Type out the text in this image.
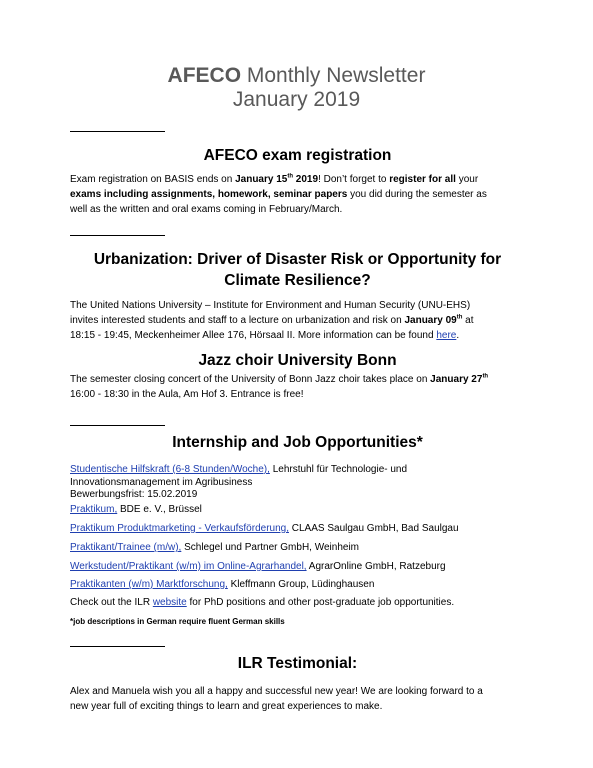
AFECO Monthly Newsletter
January 2019
AFECO exam registration
Exam registration on BASIS ends on January 15th 2019! Don’t forget to register for all your
exams including assignments, homework, seminar papers you did during the semester as
well as the written and oral exams coming in February/March.
Urbanization: Driver of Disaster Risk or Opportunity for
Climate Resilience?
The United Nations University – Institute for Environment and Human Security (UNU-EHS)
invites interested students and staff to a lecture on urbanization and risk on January 09th at
18:15 - 19:45, Meckenheimer Allee 176, Hörsaal II. More information can be found here.
Jazz choir University Bonn
The semester closing concert of the University of Bonn Jazz choir takes place on January 27th
16:00 - 18:30 in the Aula, Am Hof 3. Entrance is free!
Internship and Job Opportunities*
Studentische Hilfskraft (6-8 Stunden/Woche), Lehrstuhl für Technologie- und
Innovationsmanagement im Agribusiness
Bewerbungsfrist: 15.02.2019
Praktikum, BDE e. V., Brüssel
Praktikum Produktmarketing - Verkaufsförderung, CLAAS Saulgau GmbH, Bad Saulgau
Praktikant/Trainee (m/w), Schlegel und Partner GmbH, Weinheim
Werkstudent/Praktikant (w/m) im Online-Agrarhandel, AgrarOnline GmbH, Ratzeburg
Praktikanten (w/m) Marktforschung, Kleffmann Group, Lüdinghausen
Check out the ILR website for PhD positions and other post-graduate job opportunities.
*job descriptions in German require fluent German skills
ILR Testimonial:
Alex and Manuela wish you all a happy and successful new year! We are looking forward to a
new year full of exciting things to learn and great experiences to make.
